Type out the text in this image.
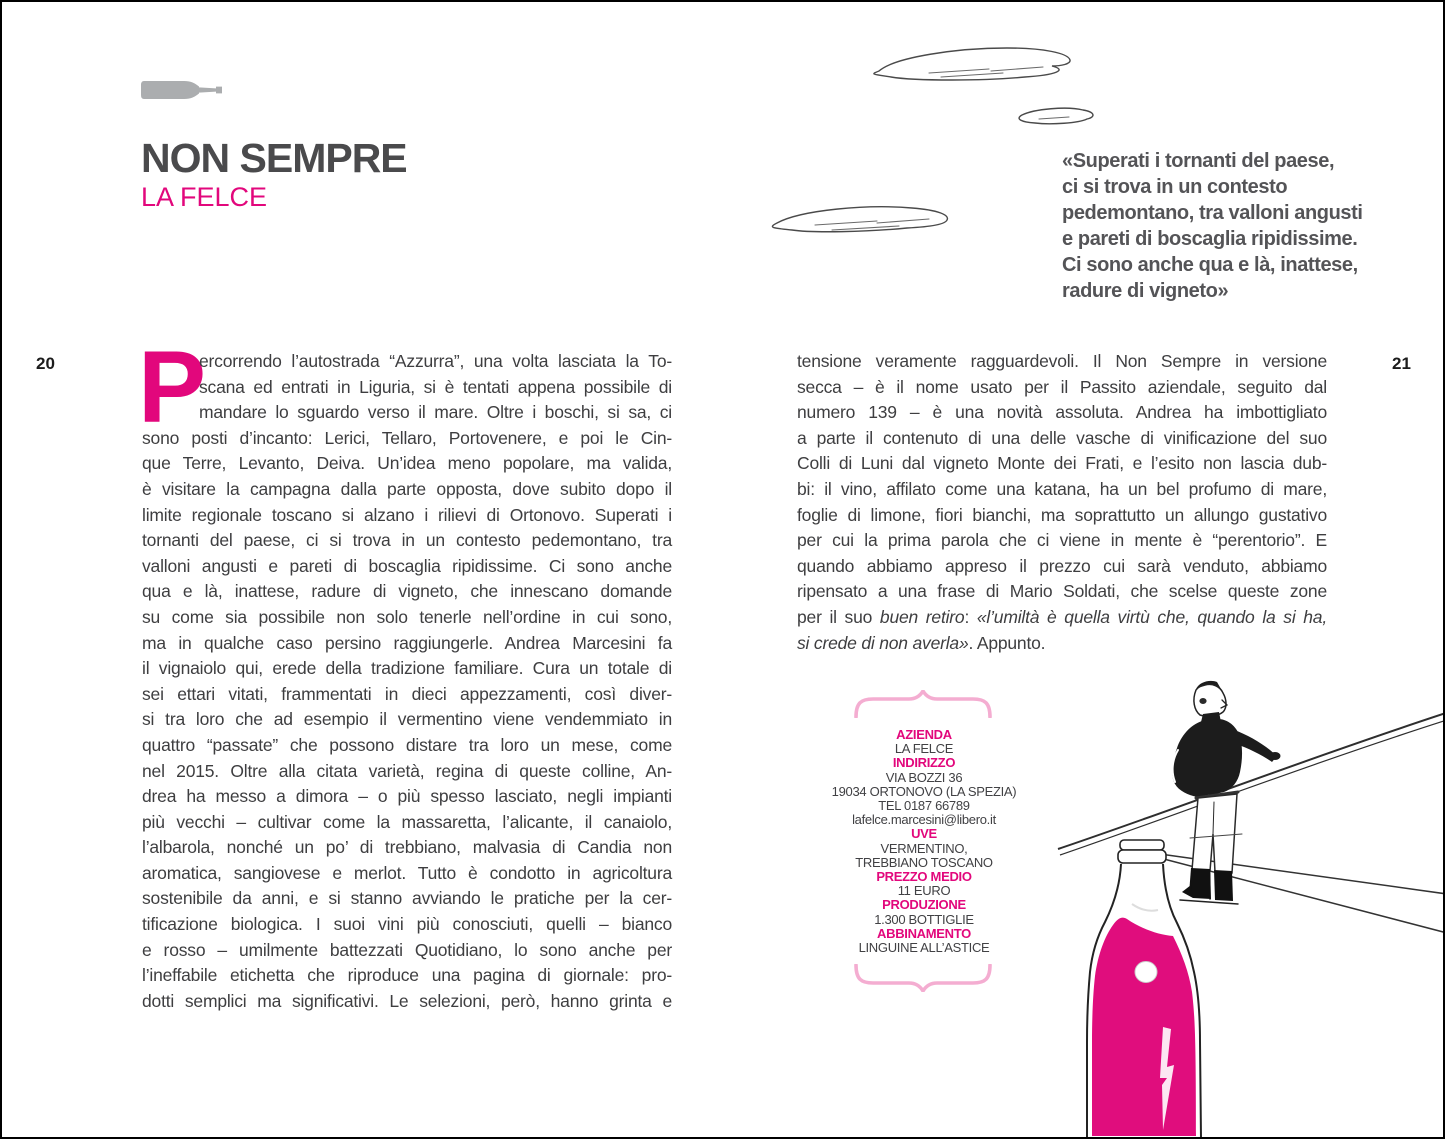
NON SEMPRE
LA FELCE
20	21
«Superati i tornanti del paese,
ci si trova in un contesto
pedemontano, tra valloni angusti
e pareti di boscaglia ripidissime.
Ci sono anche qua e là, inattese,
radure di vigneto»
P
ercorrendo l’autostrada “Azzurra”, una volta lasciata la To-
scana ed entrati in Liguria, si è tentati appena possibile di
mandare lo sguardo verso il mare. Oltre i boschi, si sa, ci
sono posti d’incanto: Lerici, Tellaro, Portovenere, e poi le Cin-
que Terre, Levanto, Deiva. Un’idea meno popolare, ma valida,
è visitare la campagna dalla parte opposta, dove subito dopo il
limite regionale toscano si alzano i rilievi di Ortonovo. Superati i
tornanti del paese, ci si trova in un contesto pedemontano, tra
valloni angusti e pareti di boscaglia ripidissime. Ci sono anche
qua e là, inattese, radure di vigneto, che innescano domande
su come sia possibile non solo tenerle nell’ordine in cui sono,
ma in qualche caso persino raggiungerle. Andrea Marcesini fa
il vignaiolo qui, erede della tradizione familiare. Cura un totale di
sei ettari vitati, frammentati in dieci appezzamenti, così diver-
si tra loro che ad esempio il vermentino viene vendemmiato in
quattro “passate” che possono distare tra loro un mese, come
nel 2015. Oltre alla citata varietà, regina di queste colline, An-
drea ha messo a dimora – o più spesso lasciato, negli impianti
più vecchi – cultivar come la massaretta, l’alicante, il canaiolo,
l’albarola, nonché un po’ di trebbiano, malvasia di Candia non
aromatica, sangiovese e merlot. Tutto è condotto in agricoltura
sostenibile da anni, e si stanno avviando le pratiche per la cer-
tificazione biologica. I suoi vini più conosciuti, quelli – bianco
e rosso – umilmente battezzati Quotidiano, lo sono anche per
l’ineffabile etichetta che riproduce una pagina di giornale: pro-
dotti semplici ma significativi. Le selezioni, però, hanno grinta e
tensione veramente ragguardevoli. Il Non Sempre in versione
secca – è il nome usato per il Passito aziendale, seguito dal
numero 139 – è una novità assoluta. Andrea ha imbottigliato
a parte il contenuto di una delle vasche di vinificazione del suo
Colli di Luni dal vigneto Monte dei Frati, e l’esito non lascia dub-
bi: il vino, affilato come una katana, ha un bel profumo di mare,
foglie di limone, fiori bianchi, ma soprattutto un allungo gustativo
per cui la prima parola che ci viene in mente è “perentorio”. E
quando abbiamo appreso il prezzo cui sarà venduto, abbiamo
ripensato a una frase di Mario Soldati, che scelse queste zone
per il suo buen retiro: «l’umiltà è quella virtù che, quando la si ha,
si crede di non averla». Appunto.
AZIENDA
LA FELCE
INDIRIZZO
VIA BOZZI 36
19034 ORTONOVO (LA SPEZIA)
TEL 0187 66789
lafelce.marcesini@libero.it
UVE
VERMENTINO,
TREBBIANO TOSCANO
PREZZO MEDIO
11 EURO
PRODUZIONE
1.300 BOTTIGLIE
ABBINAMENTO
LINGUINE ALL’ASTICE
